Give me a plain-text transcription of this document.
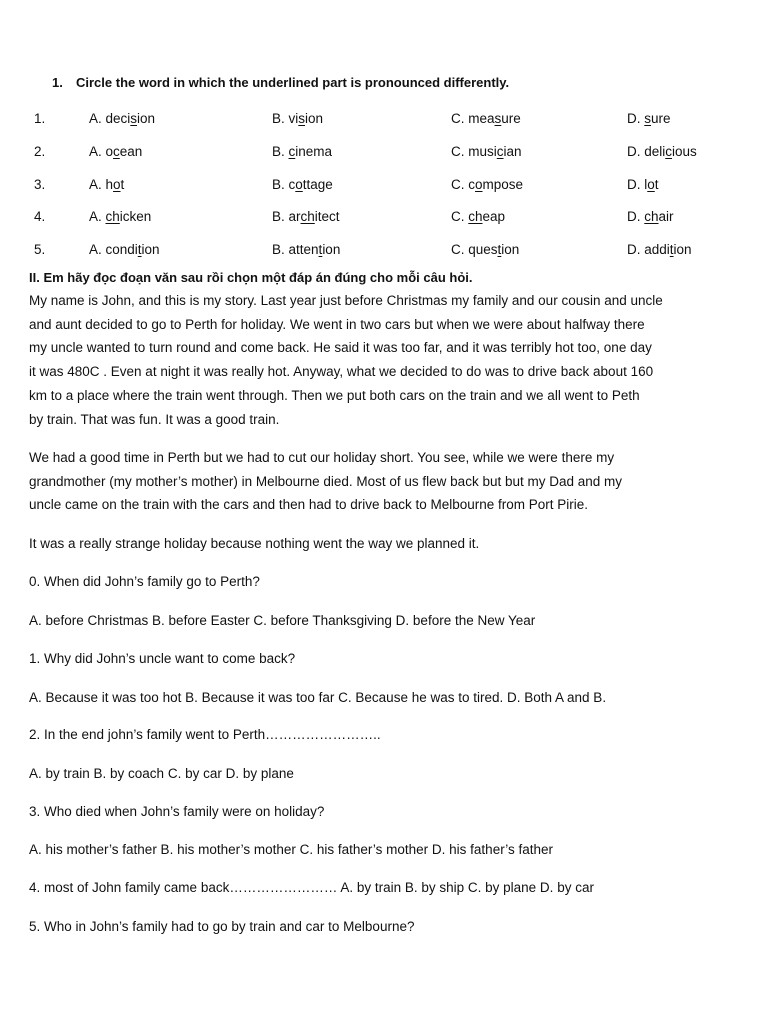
1. Circle the word in which the underlined part is pronounced differently.
1.	A. decision	B. vision	C. measure	D. sure
2.	A. ocean	B. cinema	C. musician	D. delicious
3.	A. hot	B. cottage	C. compose	D. lot
4.	A. chicken	B. architect	C. cheap	D. chair
5.	A. condition	B. attention	C. question	D. addition
II. Em hãy đọc đoạn văn sau rồi chọn một đáp án đúng cho mỗi câu hỏi.
My name is John, and this is my story. Last year just before Christmas my family and our cousin and uncle
and aunt decided to go to Perth for holiday. We went in two cars but when we were about halfway there
my uncle wanted to turn round and come back. He said it was too far, and it was terribly hot too, one day
it was 480C . Even at night it was really hot. Anyway, what we decided to do was to drive back about 160
km to a place where the train went through. Then we put both cars on the train and we all went to Peth
by train. That was fun. It was a good train.
We had a good time in Perth but we had to cut our holiday short. You see, while we were there my
grandmother (my mother’s mother) in Melbourne died. Most of us flew back but but my Dad and my
uncle came on the train with the cars and then had to drive back to Melbourne from Port Pirie.
It was a really strange holiday because nothing went the way we planned it.
0. When did John’s family go to Perth?
A. before Christmas B. before Easter C. before Thanksgiving D. before the New Year
1. Why did John’s uncle want to come back?
A. Because it was too hot B. Because it was too far C. Because he was to tired. D. Both A and B.
2. In the end john’s family went to Perth……………………..
A. by train B. by coach C. by car D. by plane
3. Who died when John’s family were on holiday?
A. his mother’s father B. his mother’s mother C. his father’s mother D. his father’s father
4. most of John family came back…………………… A. by train B. by ship C. by plane D. by car
5. Who in John’s family had to go by train and car to Melbourne?
